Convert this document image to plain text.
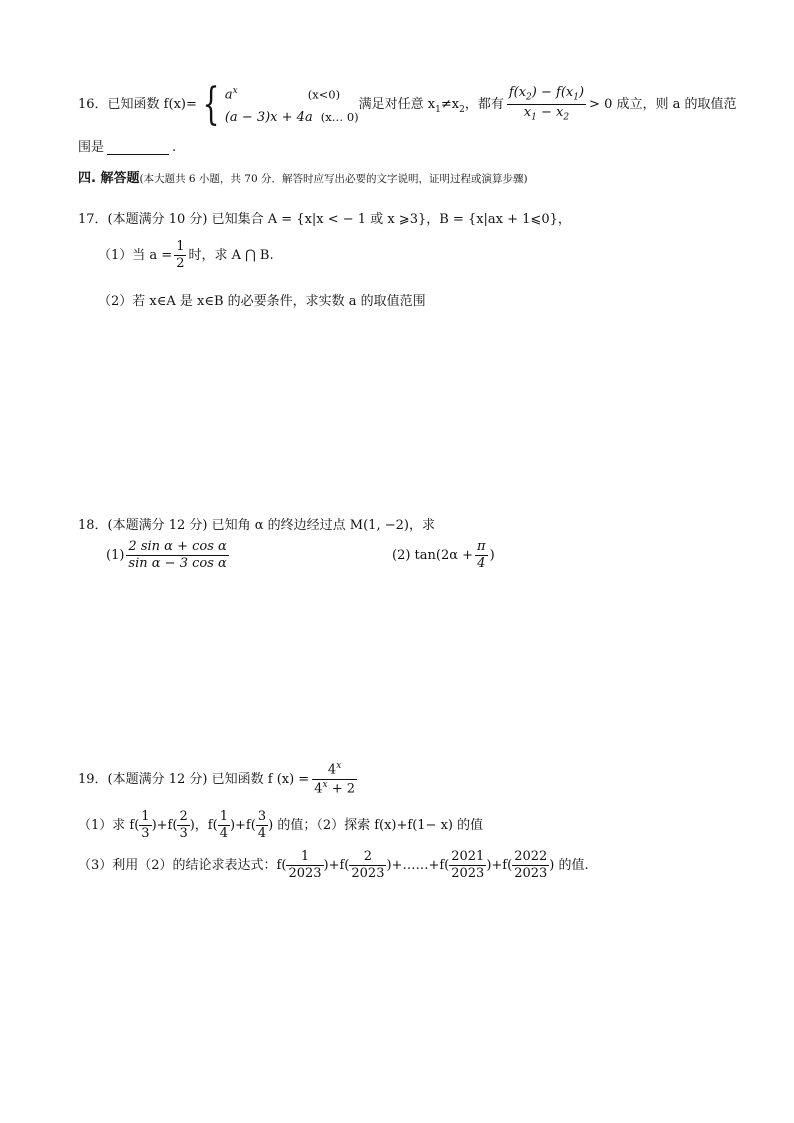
16．已知函数 f(x)= { $a^x$	(x<0)
(a − 3)x + 4a (x… 0)
满足对任意 $x_1\ne x_2$，都有 $\frac{f(x_2) - f(x_1)}{x_1 - x_2} > 0$ 成立，则 a 的取值范
围是	.
四. 解答题(本大题共 6 小题，共 70 分．解答时应写出必要的文字说明，证明过程或演算步骤)
17．(本题满分 10 分) 已知集合 A = {x|x < − 1 或 x ⩾3}，B = {x|ax + 1⩽0}，
（1）当 $a = \frac{1}{2}$ 时，求 A ⋂ B.
（2）若 x∈A 是 x∈B 的必要条件，求实数 a 的取值范围
18．(本题满分 12 分) 已知角 α 的终边经过点 M(1, −2)，求
$(1) \frac{\text{2 sin α + cos α}}{\text{sin α − 3 cos α}}$	(2) $\tan(2\alpha + \frac{\pi}{4}$ )
19．(本题满分 12 分) 已知函数 f $(x) = \frac{4^x}{4^x + 2}$
（1）求 $f( \frac{1}{3} )+f( \frac{2}{3}$ )，$f( \frac{1}{4} )+f( \frac{3}{4}$ ) 的值；（2）探索 f(x)+f(1− x) 的值
（3）利用（2）的结论求表达式：$f( \frac{1}{2023} )+f( \frac{2}{2023}$ )+……+f( $\frac{2021}{2023} )+f( \frac{2022}{2023}$ ) 的值.
